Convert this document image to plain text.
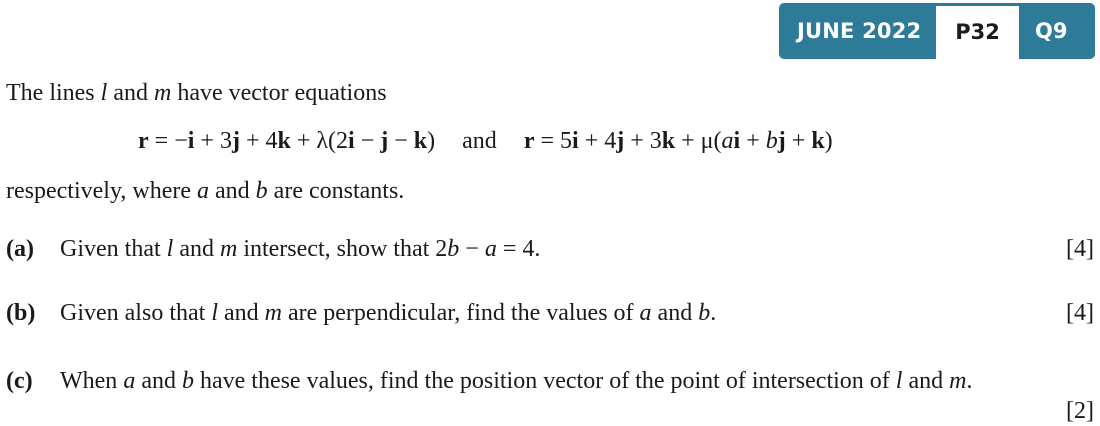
JUNE 2022	P32	Q9
The lines l and m have vector equations
r = −i + 3j + 4k + λ(2i − j − k) and r = 5i + 4j + 3k + μ(ai + bj + k)
respectively, where a and b are constants.
(a) Given that l and m intersect, show that 2b − a = 4.	[4]
(b) Given also that l and m are perpendicular, find the values of a and b.	[4]
(c) When a and b have these values, find the position vector of the point of intersection of l and m.
[2]
